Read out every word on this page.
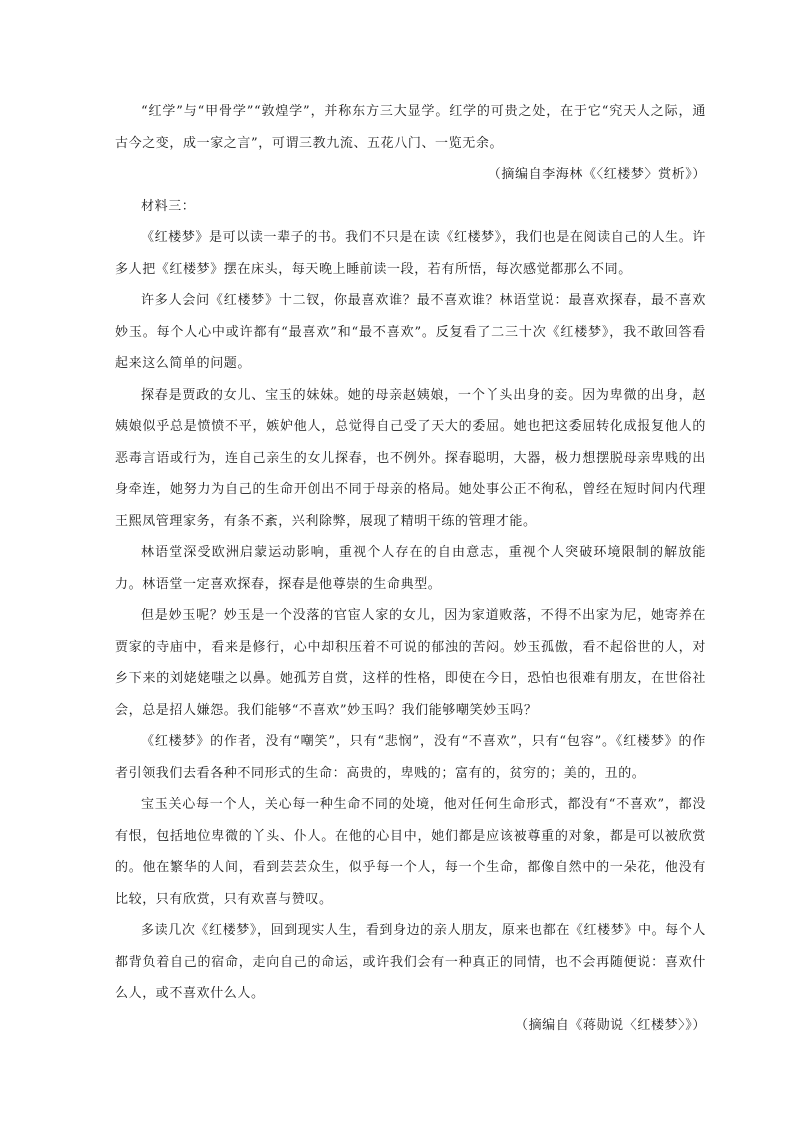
“红学”与“甲骨学”“敦煌学”，并称东方三大显学。红学的可贵之处，在于它“究天人之际，通古今之变，成一家之言”，可谓三教九流、五花八门、一览无余。

（摘编自李海林《〈红楼梦〉赏析》）

材料三：

《红楼梦》是可以读一辈子的书。我们不只是在读《红楼梦》，我们也是在阅读自己的人生。许多人把《红楼梦》摆在床头，每天晚上睡前读一段，若有所悟，每次感觉都那么不同。

许多人会问《红楼梦》十二钗，你最喜欢谁？最不喜欢谁？林语堂说：最喜欢探春，最不喜欢妙玉。每个人心中或许都有“最喜欢”和“最不喜欢”。反复看了二三十次《红楼梦》，我不敢回答看起来这么简单的问题。

探春是贾政的女儿、宝玉的妹妹。她的母亲赵姨娘，一个丫头出身的妾。因为卑微的出身，赵姨娘似乎总是愤愤不平，嫉妒他人，总觉得自己受了天大的委屈。她也把这委屈转化成报复他人的恶毒言语或行为，连自己亲生的女儿探春，也不例外。探春聪明，大器，极力想摆脱母亲卑贱的出身牵连，她努力为自己的生命开创出不同于母亲的格局。她处事公正不徇私，曾经在短时间内代理王熙凤管理家务，有条不紊，兴利除弊，展现了精明干练的管理才能。

林语堂深受欧洲启蒙运动影响，重视个人存在的自由意志，重视个人突破环境限制的解放能力。林语堂一定喜欢探春，探春是他尊崇的生命典型。

但是妙玉呢？妙玉是一个没落的官宦人家的女儿，因为家道败落，不得不出家为尼，她寄养在贾家的寺庙中，看来是修行，心中却积压着不可说的郁浊的苦闷。妙玉孤傲，看不起俗世的人，对乡下来的刘姥姥嗤之以鼻。她孤芳自赏，这样的性格，即使在今日，恐怕也很难有朋友，在世俗社会，总是招人嫌怨。我们能够“不喜欢”妙玉吗？我们能够嘲笑妙玉吗？

《红楼梦》的作者，没有“嘲笑”，只有“悲悯”，没有“不喜欢”，只有“包容”。《红楼梦》的作者引领我们去看各种不同形式的生命：高贵的，卑贱的；富有的，贫穷的；美的，丑的。

宝玉关心每一个人，关心每一种生命不同的处境，他对任何生命形式，都没有“不喜欢”，都没有恨，包括地位卑微的丫头、仆人。在他的心目中，她们都是应该被尊重的对象，都是可以被欣赏的。他在繁华的人间，看到芸芸众生，似乎每一个人，每一个生命，都像自然中的一朵花，他没有比较，只有欣赏，只有欢喜与赞叹。

多读几次《红楼梦》，回到现实人生，看到身边的亲人朋友，原来也都在《红楼梦》中。每个人都背负着自己的宿命，走向自己的命运，或许我们会有一种真正的同情，也不会再随便说：喜欢什么人，或不喜欢什么人。

（摘编自《蒋勋说〈红楼梦〉》）
